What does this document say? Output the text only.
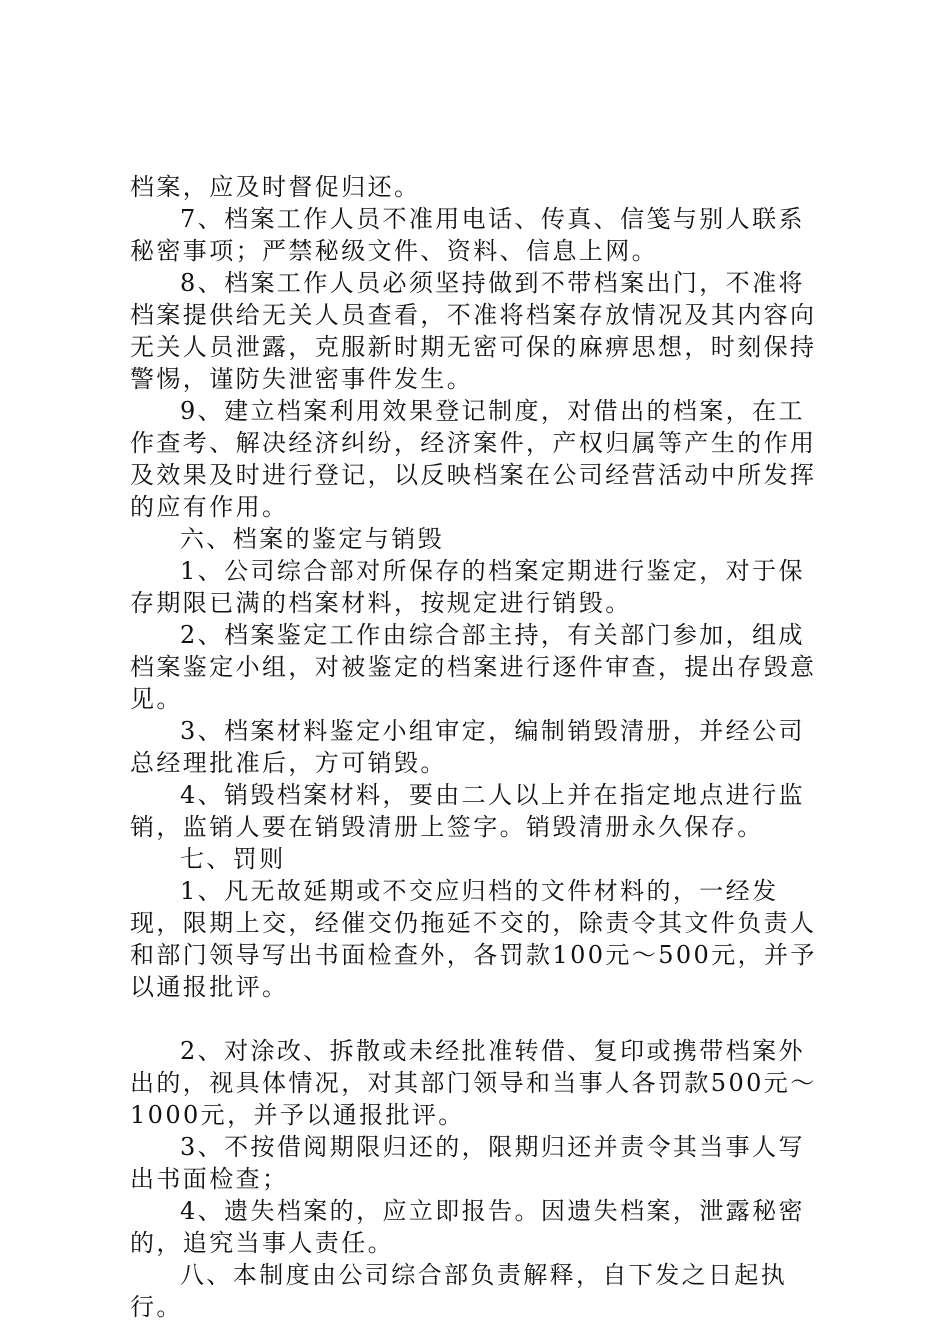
档案，应及时督促归还。

7、档案工作人员不准用电话、传真、信笺与别人联系秘密事项；严禁秘级文件、资料、信息上网。

8、档案工作人员必须坚持做到不带档案出门，不准将档案提供给无关人员查看，不准将档案存放情况及其内容向无关人员泄露，克服新时期无密可保的麻痹思想，时刻保持警惕，谨防失泄密事件发生。

9、建立档案利用效果登记制度，对借出的档案，在工作查考、解决经济纠纷，经济案件，产权归属等产生的作用及效果及时进行登记，以反映档案在公司经营活动中所发挥的应有作用。

六、档案的鉴定与销毁

1、公司综合部对所保存的档案定期进行鉴定，对于保存期限已满的档案材料，按规定进行销毁。

2、档案鉴定工作由综合部主持，有关部门参加，组成档案鉴定小组，对被鉴定的档案进行逐件审查，提出存毁意见。

3、档案材料鉴定小组审定，编制销毁清册，并经公司总经理批准后，方可销毁。

4、销毁档案材料，要由二人以上并在指定地点进行监销，监销人要在销毁清册上签字。销毁清册永久保存。

七、罚则

1、凡无故延期或不交应归档的文件材料的，一经发现，限期上交，经催交仍拖延不交的，除责令其文件负责人和部门领导写出书面检查外，各罚款100元～500元，并予以通报批评。

2、对涂改、拆散或未经批准转借、复印或携带档案外出的，视具体情况，对其部门领导和当事人各罚款500元～1000元，并予以通报批评。

3、不按借阅期限归还的，限期归还并责令其当事人写出书面检查；

4、遗失档案的，应立即报告。因遗失档案，泄露秘密的，追究当事人责任。

八、本制度由公司综合部负责解释，自下发之日起执行。
